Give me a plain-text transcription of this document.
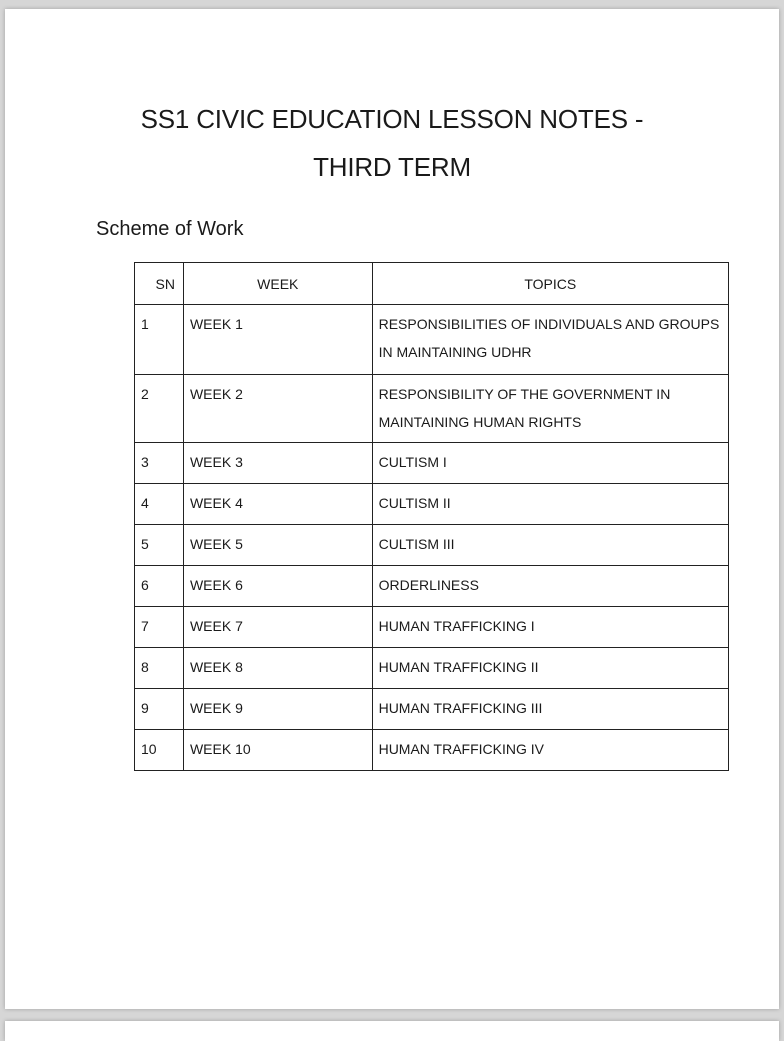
SS1 CIVIC EDUCATION LESSON NOTES -
THIRD TERM
Scheme of Work
SN	WEEK	TOPICS
1	WEEK 1	RESPONSIBILITIES OF INDIVIDUALS AND GROUPS IN MAINTAINING UDHR
2	WEEK 2	RESPONSIBILITY OF THE GOVERNMENT IN MAINTAINING HUMAN RIGHTS
3	WEEK 3	CULTISM I
4	WEEK 4	CULTISM II
5	WEEK 5	CULTISM III
6	WEEK 6	ORDERLINESS
7	WEEK 7	HUMAN TRAFFICKING I
8	WEEK 8	HUMAN TRAFFICKING II
9	WEEK 9	HUMAN TRAFFICKING III
10	WEEK 10	HUMAN TRAFFICKING IV
